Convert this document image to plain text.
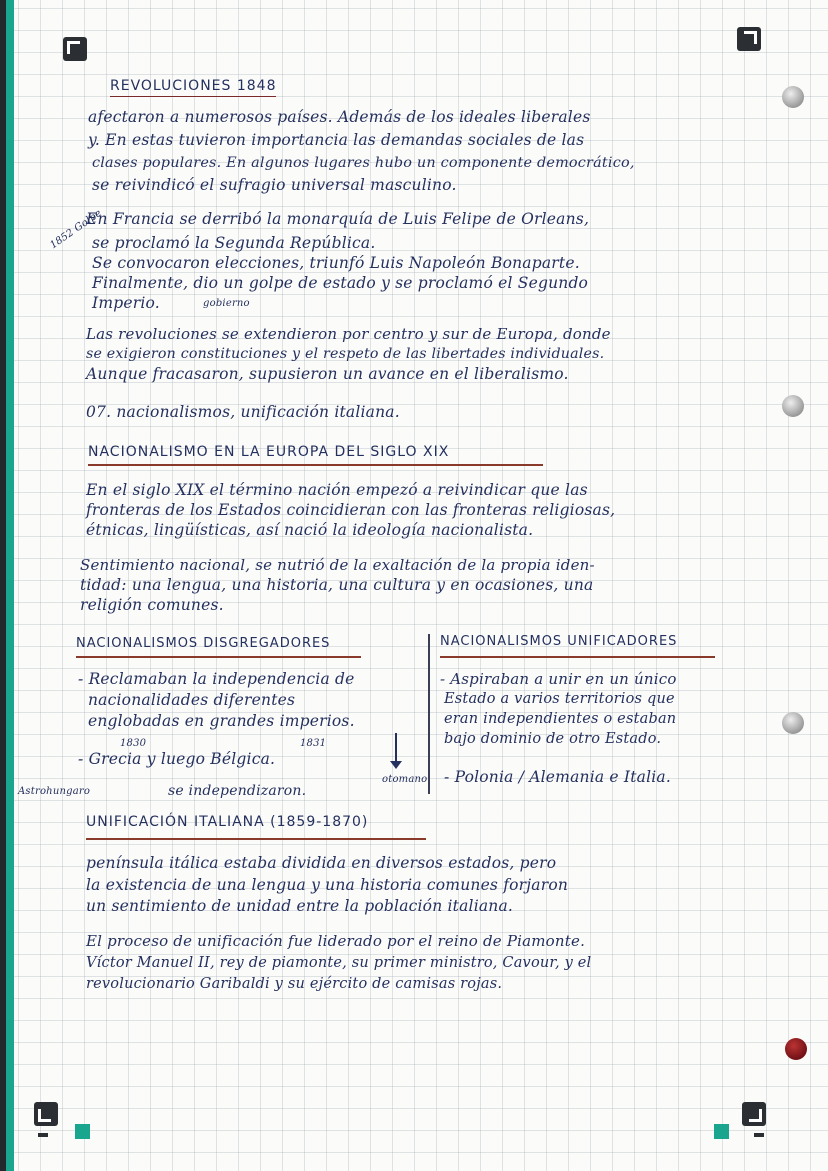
REVOLUCIONES 1848
afectaron a numerosos países. Además de los ideales liberales
y. En estas tuvieron importancia las demandas sociales de las
clases populares. En algunos lugares hubo un componente democrático,
se reivindicó el sufragio universal masculino.
1852 Golpe
En Francia se derribó la monarquía de Luis Felipe de Orleans,
se proclamó la Segunda República.
Se convocaron elecciones, triunfó Luis Napoleón Bonaparte.
Finalmente, dio un golpe de estado y se proclamó el Segundo
Imperio.	gobierno
Las revoluciones se extendieron por centro y sur de Europa, donde
se exigieron constituciones y el respeto de las libertades individuales.
Aunque fracasaron, supusieron un avance en el liberalismo.
07. nacionalismos, unificación italiana.
NACIONALISMO EN LA EUROPA DEL SIGLO XIX
En el siglo XIX el término nación empezó a reivindicar que las
fronteras de los Estados coincidieran con las fronteras religiosas,
étnicas, lingüísticas, así nació la ideología nacionalista.
Sentimiento nacional, se nutrió de la exaltación de la propia iden-
tidad: una lengua, una historia, una cultura y en ocasiones, una
religión comunes.
NACIONALISMOS DISGREGADORES
- Reclamaban la independencia de
nacionalidades diferentes
englobadas en grandes imperios.
1830	1831
- Grecia y luego Bélgica.
Astrohungaro
otomano
se independizaron.
NACIONALISMOS UNIFICADORES
- Aspiraban a unir en un único
Estado a varios territorios que
eran independientes o estaban
bajo dominio de otro Estado.
- Polonia / Alemania e Italia.
UNIFICACIÓN ITALIANA (1859-1870)
península itálica estaba dividida en diversos estados, pero
la existencia de una lengua y una historia comunes forjaron
un sentimiento de unidad entre la población italiana.
El proceso de unificación fue liderado por el reino de Piamonte.
Víctor Manuel II, rey de piamonte, su primer ministro, Cavour, y el
revolucionario Garibaldi y su ejército de camisas rojas.
